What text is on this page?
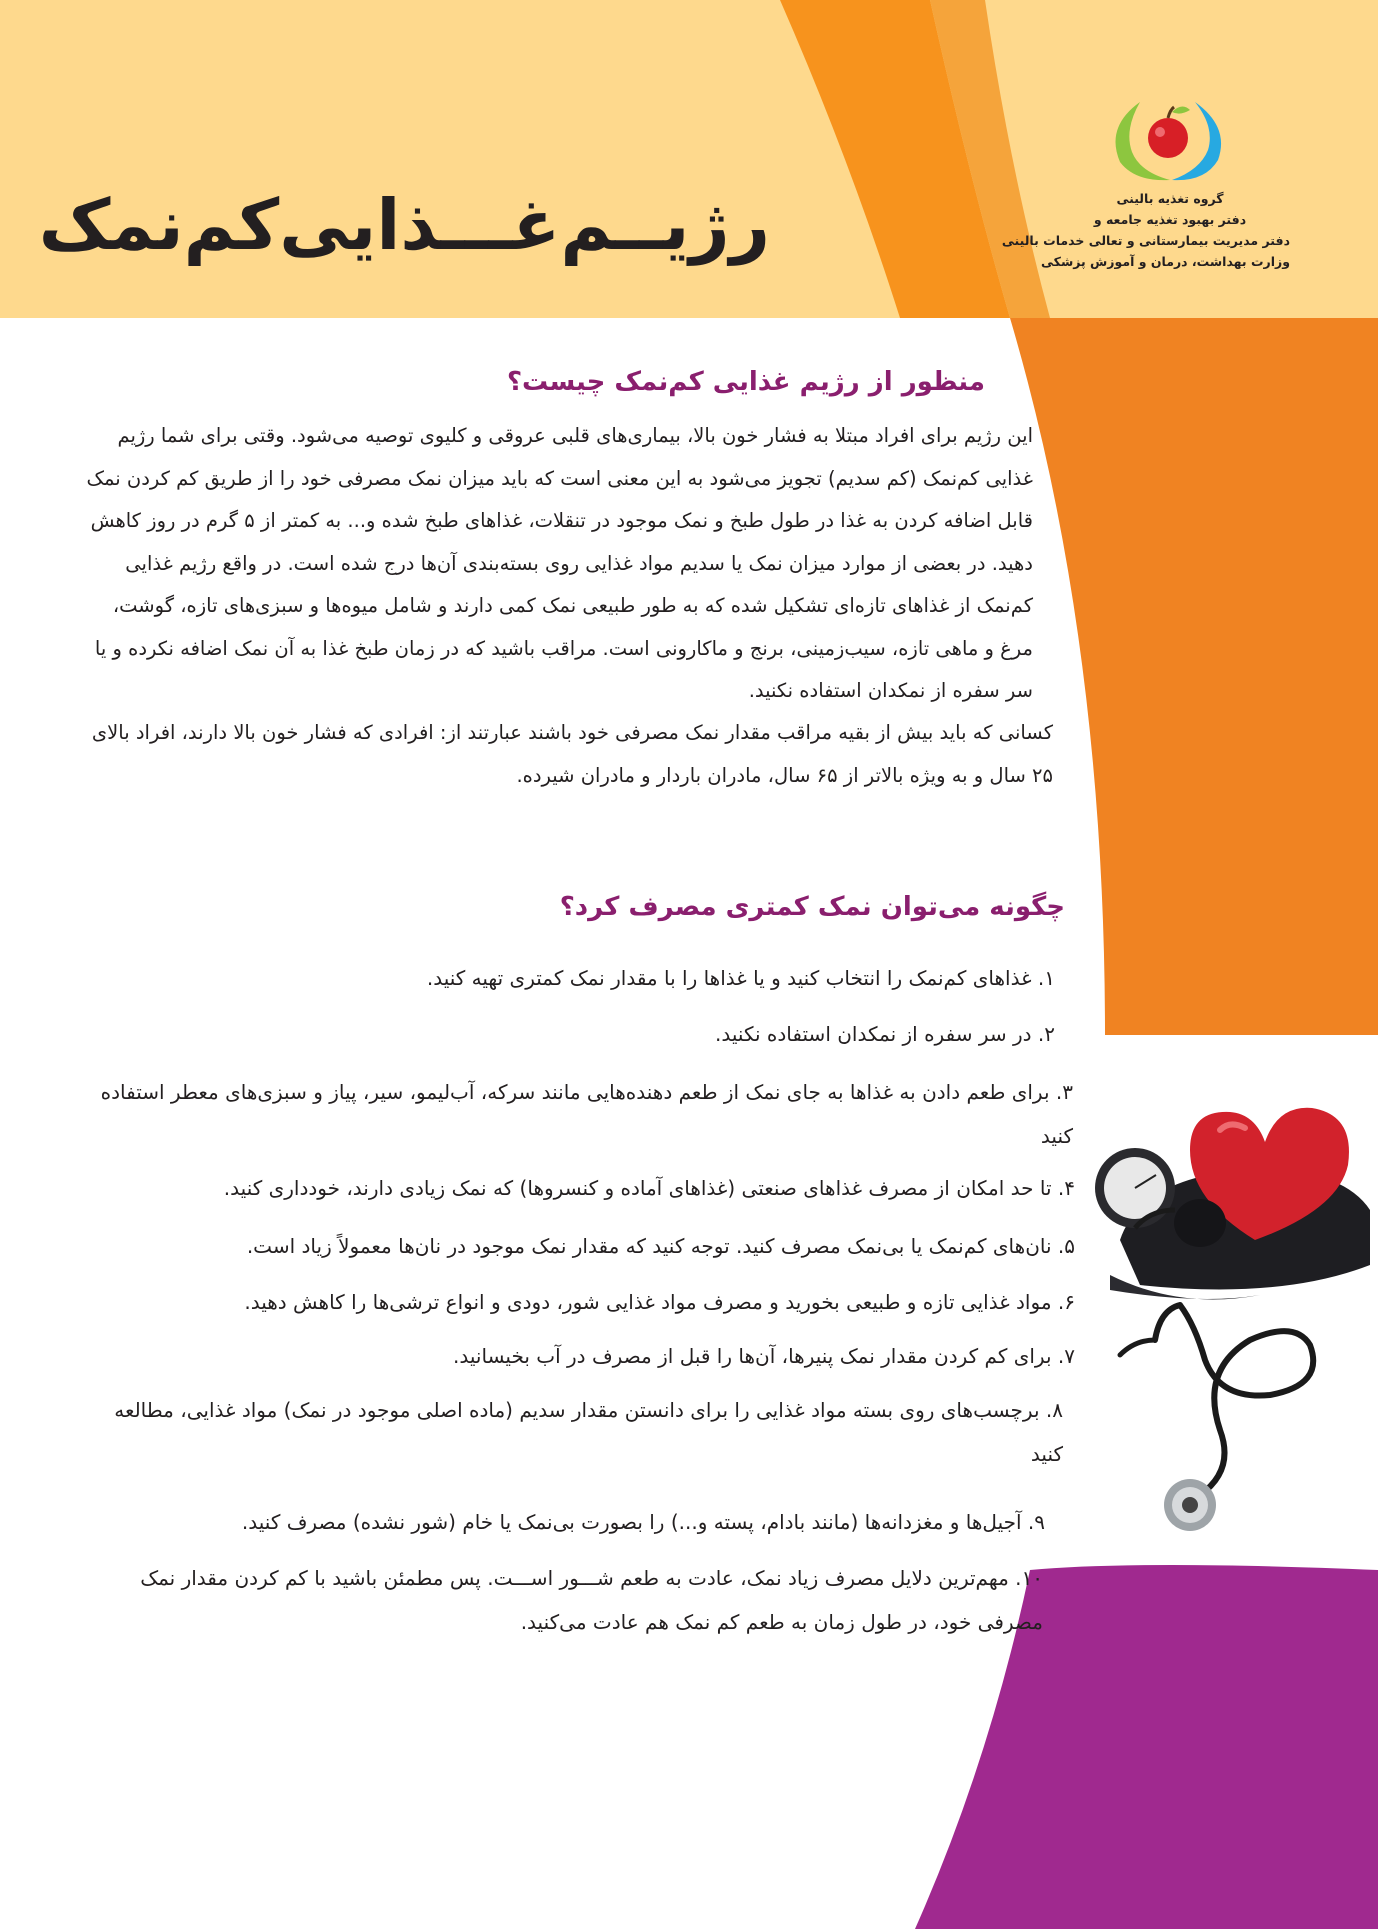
گروه تغذیه بالینی
دفتر بهبود تغذیه جامعه و
دفتر مدیریت بیمارستانی و تعالی خدمات بالینی
وزارت بهداشت، درمان و آموزش پزشکی
رژیــم‌غـــذایی‌کم‌نمک
منظور از رژیم غذایی کم‌نمک چیست؟
این رژیم برای افراد مبتلا به فشار خون بالا، بیماری‌های قلبی عروقی و کلیوی توصیه می‌شود. وقتی برای شما رژیم غذایی کم‌نمک (کم سدیم) تجویز می‌شود به این معنی است که باید میزان نمک مصرفی خود را از طریق کم کردن نمک قابل اضافه کردن به غذا در طول طبخ و نمک موجود در تنقلات، غذاهای طبخ شده و... به کمتر از ۵ گرم در روز کاهش دهید. در بعضی از موارد میزان نمک یا سدیم مواد غذایی روی بسته‌بندی آن‌ها درج شده است. در واقع رژیم غذایی کم‌نمک از غذاهای تازه‌ای تشکیل شده که به طور طبیعی نمک کمی دارند و شامل میوه‌ها و سبزی‌های تازه، گوشت، مرغ و ماهی تازه، سیب‌زمینی، برنج و ماکارونی است. مراقب باشید که در زمان طبخ غذا به آن نمک اضافه نکرده و یا سر سفره از نمکدان استفاده نکنید.
کسانی که باید بیش از بقیه مراقب مقدار نمک مصرفی خود باشند عبارتند از: افرادی که فشار خون بالا دارند، افراد بالای ۲۵ سال و به ویژه بالاتر از ۶۵ سال، مادران باردار و مادران شیرده.
چگونه می‌توان نمک کمتری مصرف کرد؟
۱. غذاهای کم‌نمک را انتخاب کنید و یا غذاها را با مقدار نمک کمتری تهیه کنید.
۲. در سر سفره از نمکدان استفاده نکنید.
۳. برای طعم دادن به غذاها به جای نمک از طعم دهنده‌هایی مانند سرکه، آب‌لیمو، سیر، پیاز و سبزی‌های معطر استفاده کنید
۴. تا حد امکان از مصرف غذاهای صنعتی (غذاهای آماده و کنسروها) که نمک زیادی دارند، خودداری کنید.
۵. نان‌های کم‌نمک یا بی‌نمک مصرف کنید. توجه کنید که مقدار نمک موجود در نان‌ها معمولاً زیاد است.
۶. مواد غذایی تازه و طبیعی بخورید و مصرف مواد غذایی شور، دودی و انواع ترشی‌ها را کاهش دهید.
۷. برای کم کردن مقدار نمک پنیرها، آن‌ها را قبل از مصرف در آب بخیسانید.
۸. برچسب‌های روی بسته مواد غذایی را برای دانستن مقدار سدیم (ماده اصلی موجود در نمک) مواد غذایی، مطالعه کنید
۹. آجیل‌ها و مغزدانه‌ها (مانند بادام، پسته و...) را بصورت بی‌نمک یا خام (شور نشده) مصرف کنید.
۱۰. مهم‌ترین دلایل مصرف زیاد نمک، عادت به طعم شـــور اســـت. پس مطمئن باشید با کم کردن مقدار نمک مصرفی خود، در طول زمان به طعم کم نمک هم عادت می‌کنید.
